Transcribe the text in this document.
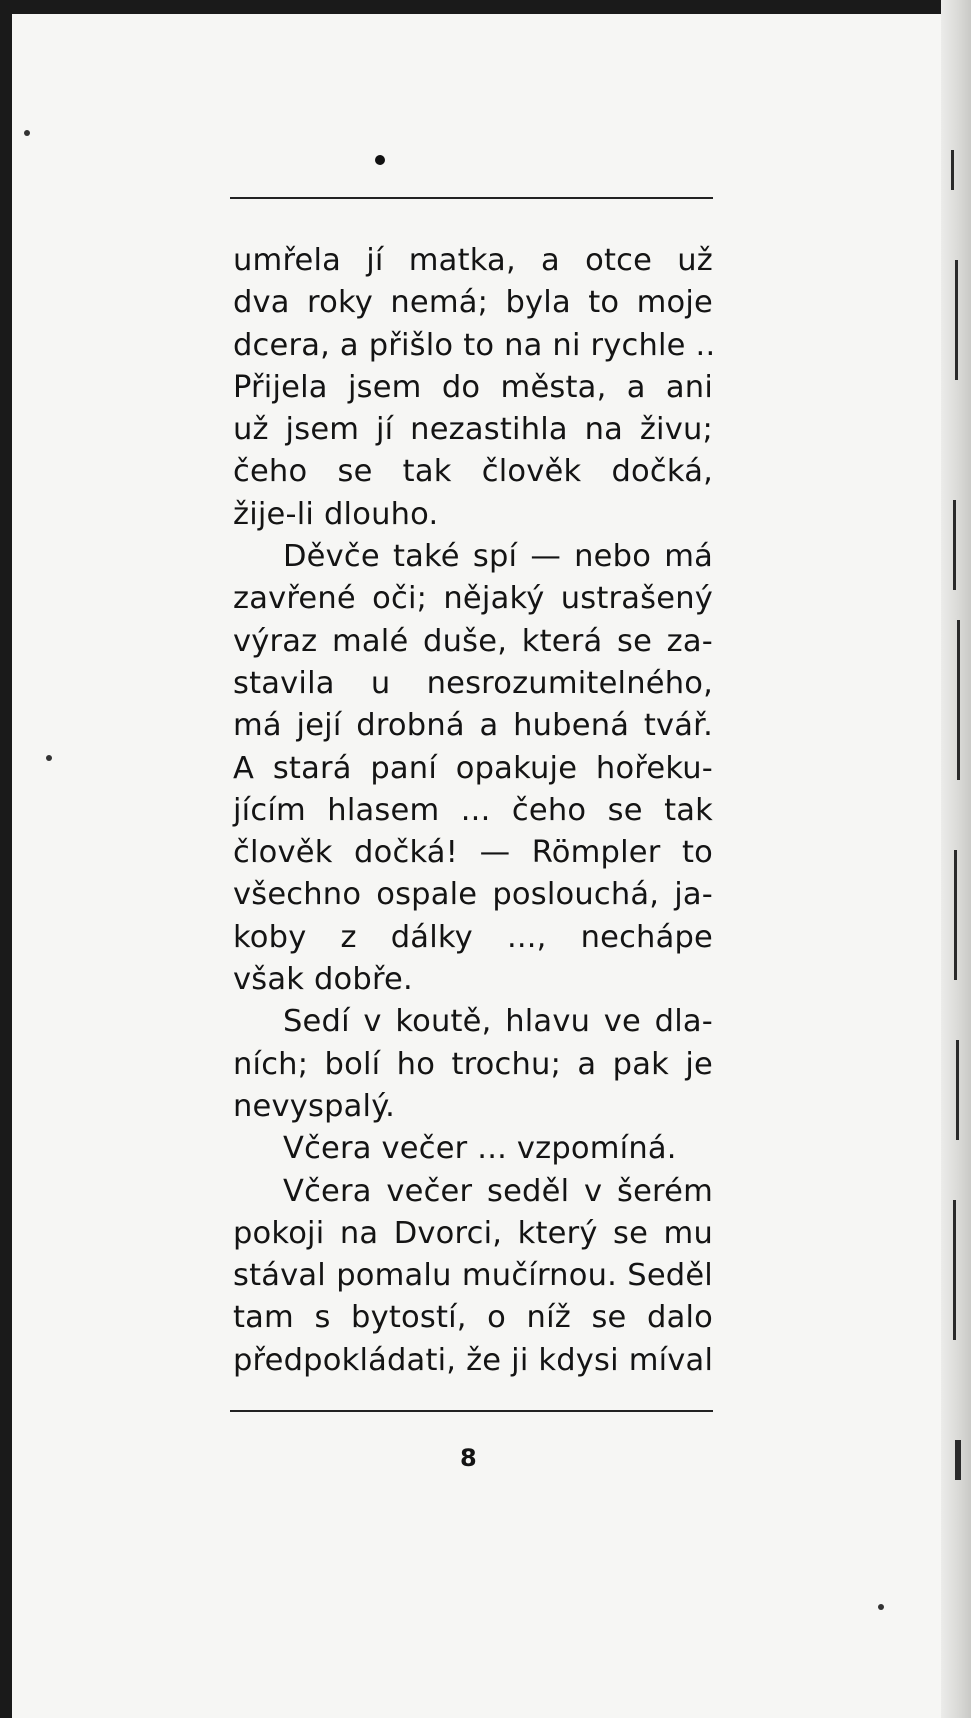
umřela jí matka, a otce už
dva roky nemá; byla to moje
dcera, a přišlo to na ni rychle ..
Přijela jsem do města, a ani
už jsem jí nezastihla na živu;
čeho se tak člověk dočká,
žije-li dlouho.
Děvče také spí — nebo má
zavřené oči; nějaký ustrašený
výraz malé duše, která se za-
stavila u nesrozumitelného,
má její drobná a hubená tvář.
A stará paní opakuje hořeku-
jícím hlasem ... čeho se tak
člověk dočká! — Römpler to
všechno ospale poslouchá, ja-
koby z dálky ..., nechápe
však dobře.
Sedí v koutě, hlavu ve dla-
ních; bolí ho trochu; a pak je
nevyspalý.
Včera večer ... vzpomíná.
Včera večer seděl v šerém
pokoji na Dvorci, který se mu
stával pomalu mučírnou. Seděl
tam s bytostí, o níž se dalo
předpokládati, že ji kdysi míval
8
